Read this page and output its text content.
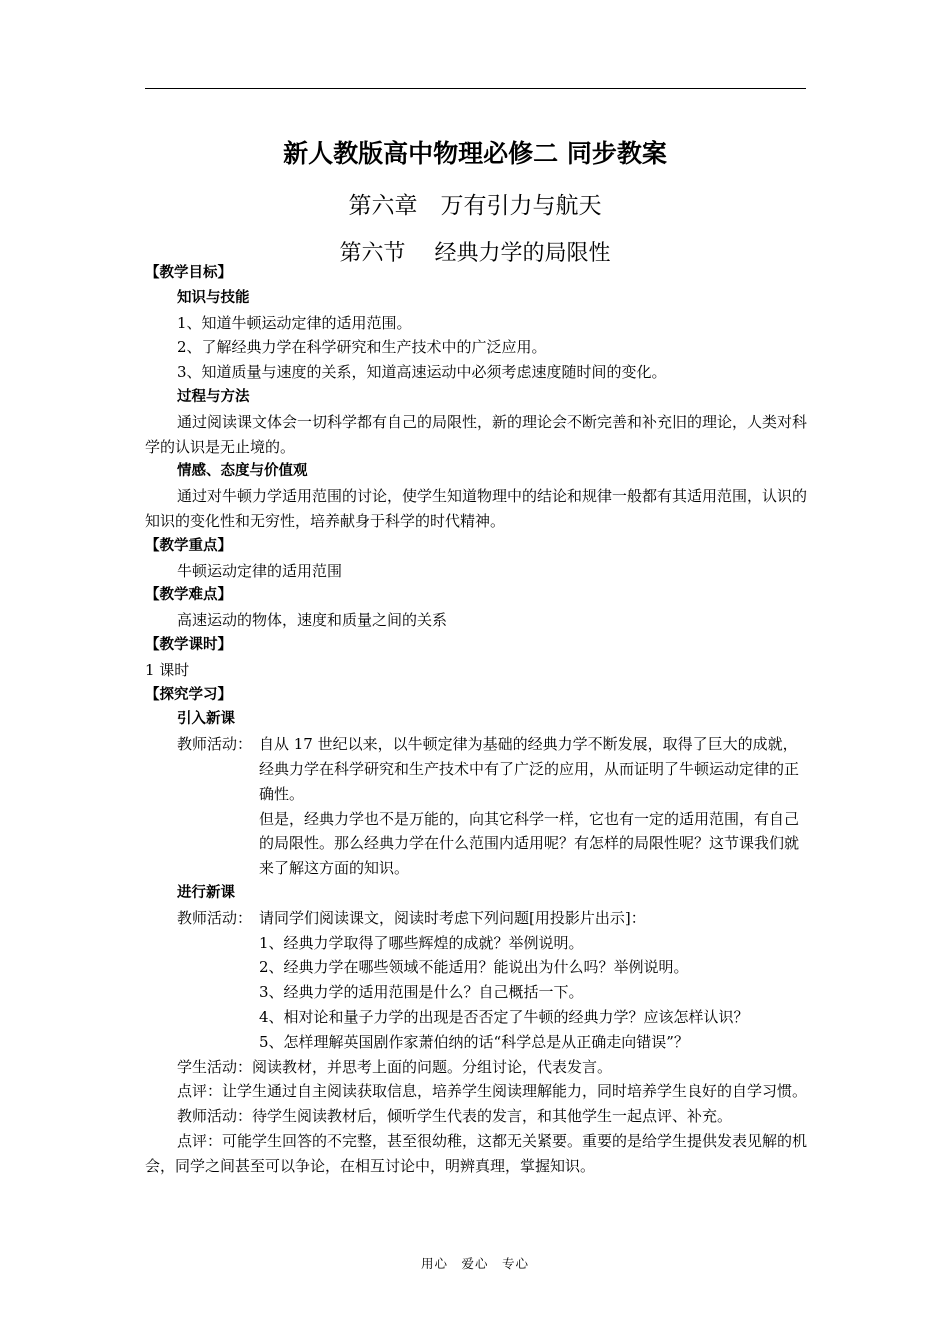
新人教版高中物理必修二 同步教案
第六章　万有引力与航天
第六节　 经典力学的局限性

【教学目标】

知识与技能

1、知道牛顿运动定律的适用范围。

2、了解经典力学在科学研究和生产技术中的广泛应用。

3、知道质量与速度的关系，知道高速运动中必须考虑速度随时间的变化。

过程与方法

通过阅读课文体会一切科学都有自己的局限性，新的理论会不断完善和补充旧的理论，人类对科学的认识是无止境的。

情感、态度与价值观

通过对牛顿力学适用范围的讨论，使学生知道物理中的结论和规律一般都有其适用范围，认识的知识的变化性和无穷性，培养献身于科学的时代精神。

【教学重点】

牛顿运动定律的适用范围

【教学难点】

高速运动的物体，速度和质量之间的关系

【教学课时】

1 课时

【探究学习】

引入新课

教师活动： 自从 17 世纪以来，以牛顿定律为基础的经典力学不断发展，取得了巨大的成就，经典力学在科学研究和生产技术中有了广泛的应用，从而证明了牛顿运动定律的正确性。

但是，经典力学也不是万能的，向其它科学一样，它也有一定的适用范围，有自己的局限性。那么经典力学在什么范围内适用呢？有怎样的局限性呢？这节课我们就来了解这方面的知识。

进行新课

教师活动： 请同学们阅读课文，阅读时考虑下列问题[用投影片出示]：

1、经典力学取得了哪些辉煌的成就？举例说明。

2、经典力学在哪些领域不能适用？能说出为什么吗？举例说明。

3、经典力学的适用范围是什么？自己概括一下。

4、相对论和量子力学的出现是否否定了牛顿的经典力学？应该怎样认识？

5、怎样理解英国剧作家萧伯纳的话“科学总是从正确走向错误”？

学生活动：阅读教材，并思考上面的问题。分组讨论，代表发言。

点评：让学生通过自主阅读获取信息，培养学生阅读理解能力，同时培养学生良好的自学习惯。

教师活动：待学生阅读教材后，倾听学生代表的发言，和其他学生一起点评、补充。

点评：可能学生回答的不完整，甚至很幼稚，这都无关紧要。重要的是给学生提供发表见解的机会，同学之间甚至可以争论，在相互讨论中，明辨真理，掌握知识。

用心　爱心　专心
